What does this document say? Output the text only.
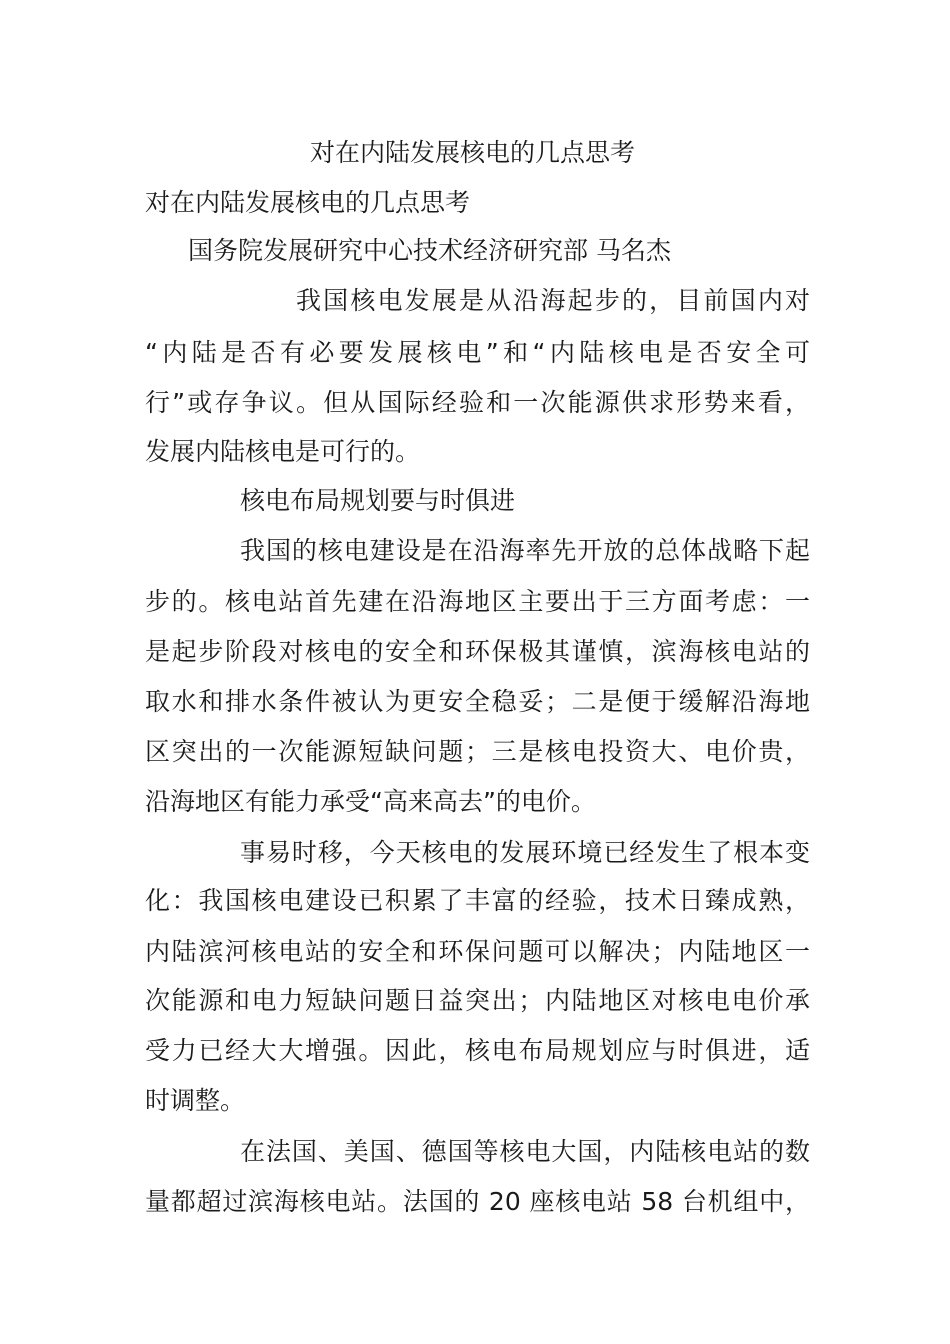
对在内陆发展核电的几点思考
对在内陆发展核电的几点思考
国务院发展研究中心技术经济研究部 马名杰
我国核电发展是从沿海起步的，目前国内对
“内陆是否有必要发展核电”和“内陆核电是否安全可
行”或存争议。但从国际经验和一次能源供求形势来看，
发展内陆核电是可行的。
核电布局规划要与时俱进
我国的核电建设是在沿海率先开放的总体战略下起
步的。核电站首先建在沿海地区主要出于三方面考虑：一
是起步阶段对核电的安全和环保极其谨慎，滨海核电站的
取水和排水条件被认为更安全稳妥；二是便于缓解沿海地
区突出的一次能源短缺问题；三是核电投资大、电价贵，
沿海地区有能力承受“高来高去”的电价。
事易时移，今天核电的发展环境已经发生了根本变
化：我国核电建设已积累了丰富的经验，技术日臻成熟，
内陆滨河核电站的安全和环保问题可以解决；内陆地区一
次能源和电力短缺问题日益突出；内陆地区对核电电价承
受力已经大大增强。因此，核电布局规划应与时俱进，适
时调整。
在法国、美国、德国等核电大国，内陆核电站的数
量都超过滨海核电站。法国的 20 座核电站 58 台机组中，
